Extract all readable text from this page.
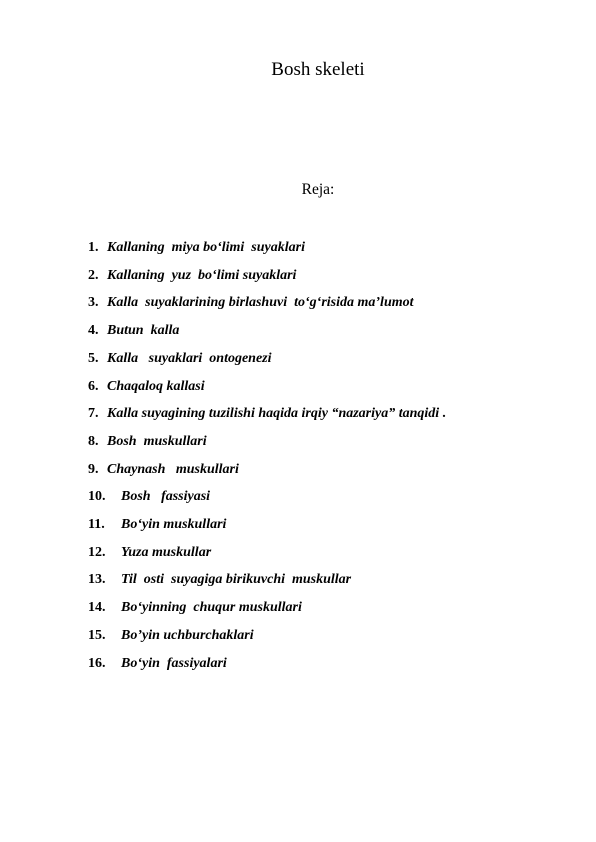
Bosh skeleti
Reja:
1. Kallaning  miya bo‘limi  suyaklari
2. Kallaning  yuz  bo‘limi suyaklari
3. Kalla  suyaklarining birlashuvi  to‘g‘risida ma’lumot
4. Butun  kalla
5. Kalla   suyaklari  ontogenezi
6. Chaqaloq kallasi
7. Kalla suyagining tuzilishi haqida irqiy “nazariya” tanqidi .
8. Bosh  muskullari
9. Chaynash   muskullari
10.	Bosh   fassiyasi
11.	Bo‘yin muskullari
12.	Yuza muskullar
13.	Til  osti  suyagiga birikuvchi  muskullar
14.	Bo‘yinning  chuqur muskullari
15.	Bo’yin uchburchaklari
16.	Bo‘yin  fassiyalari
